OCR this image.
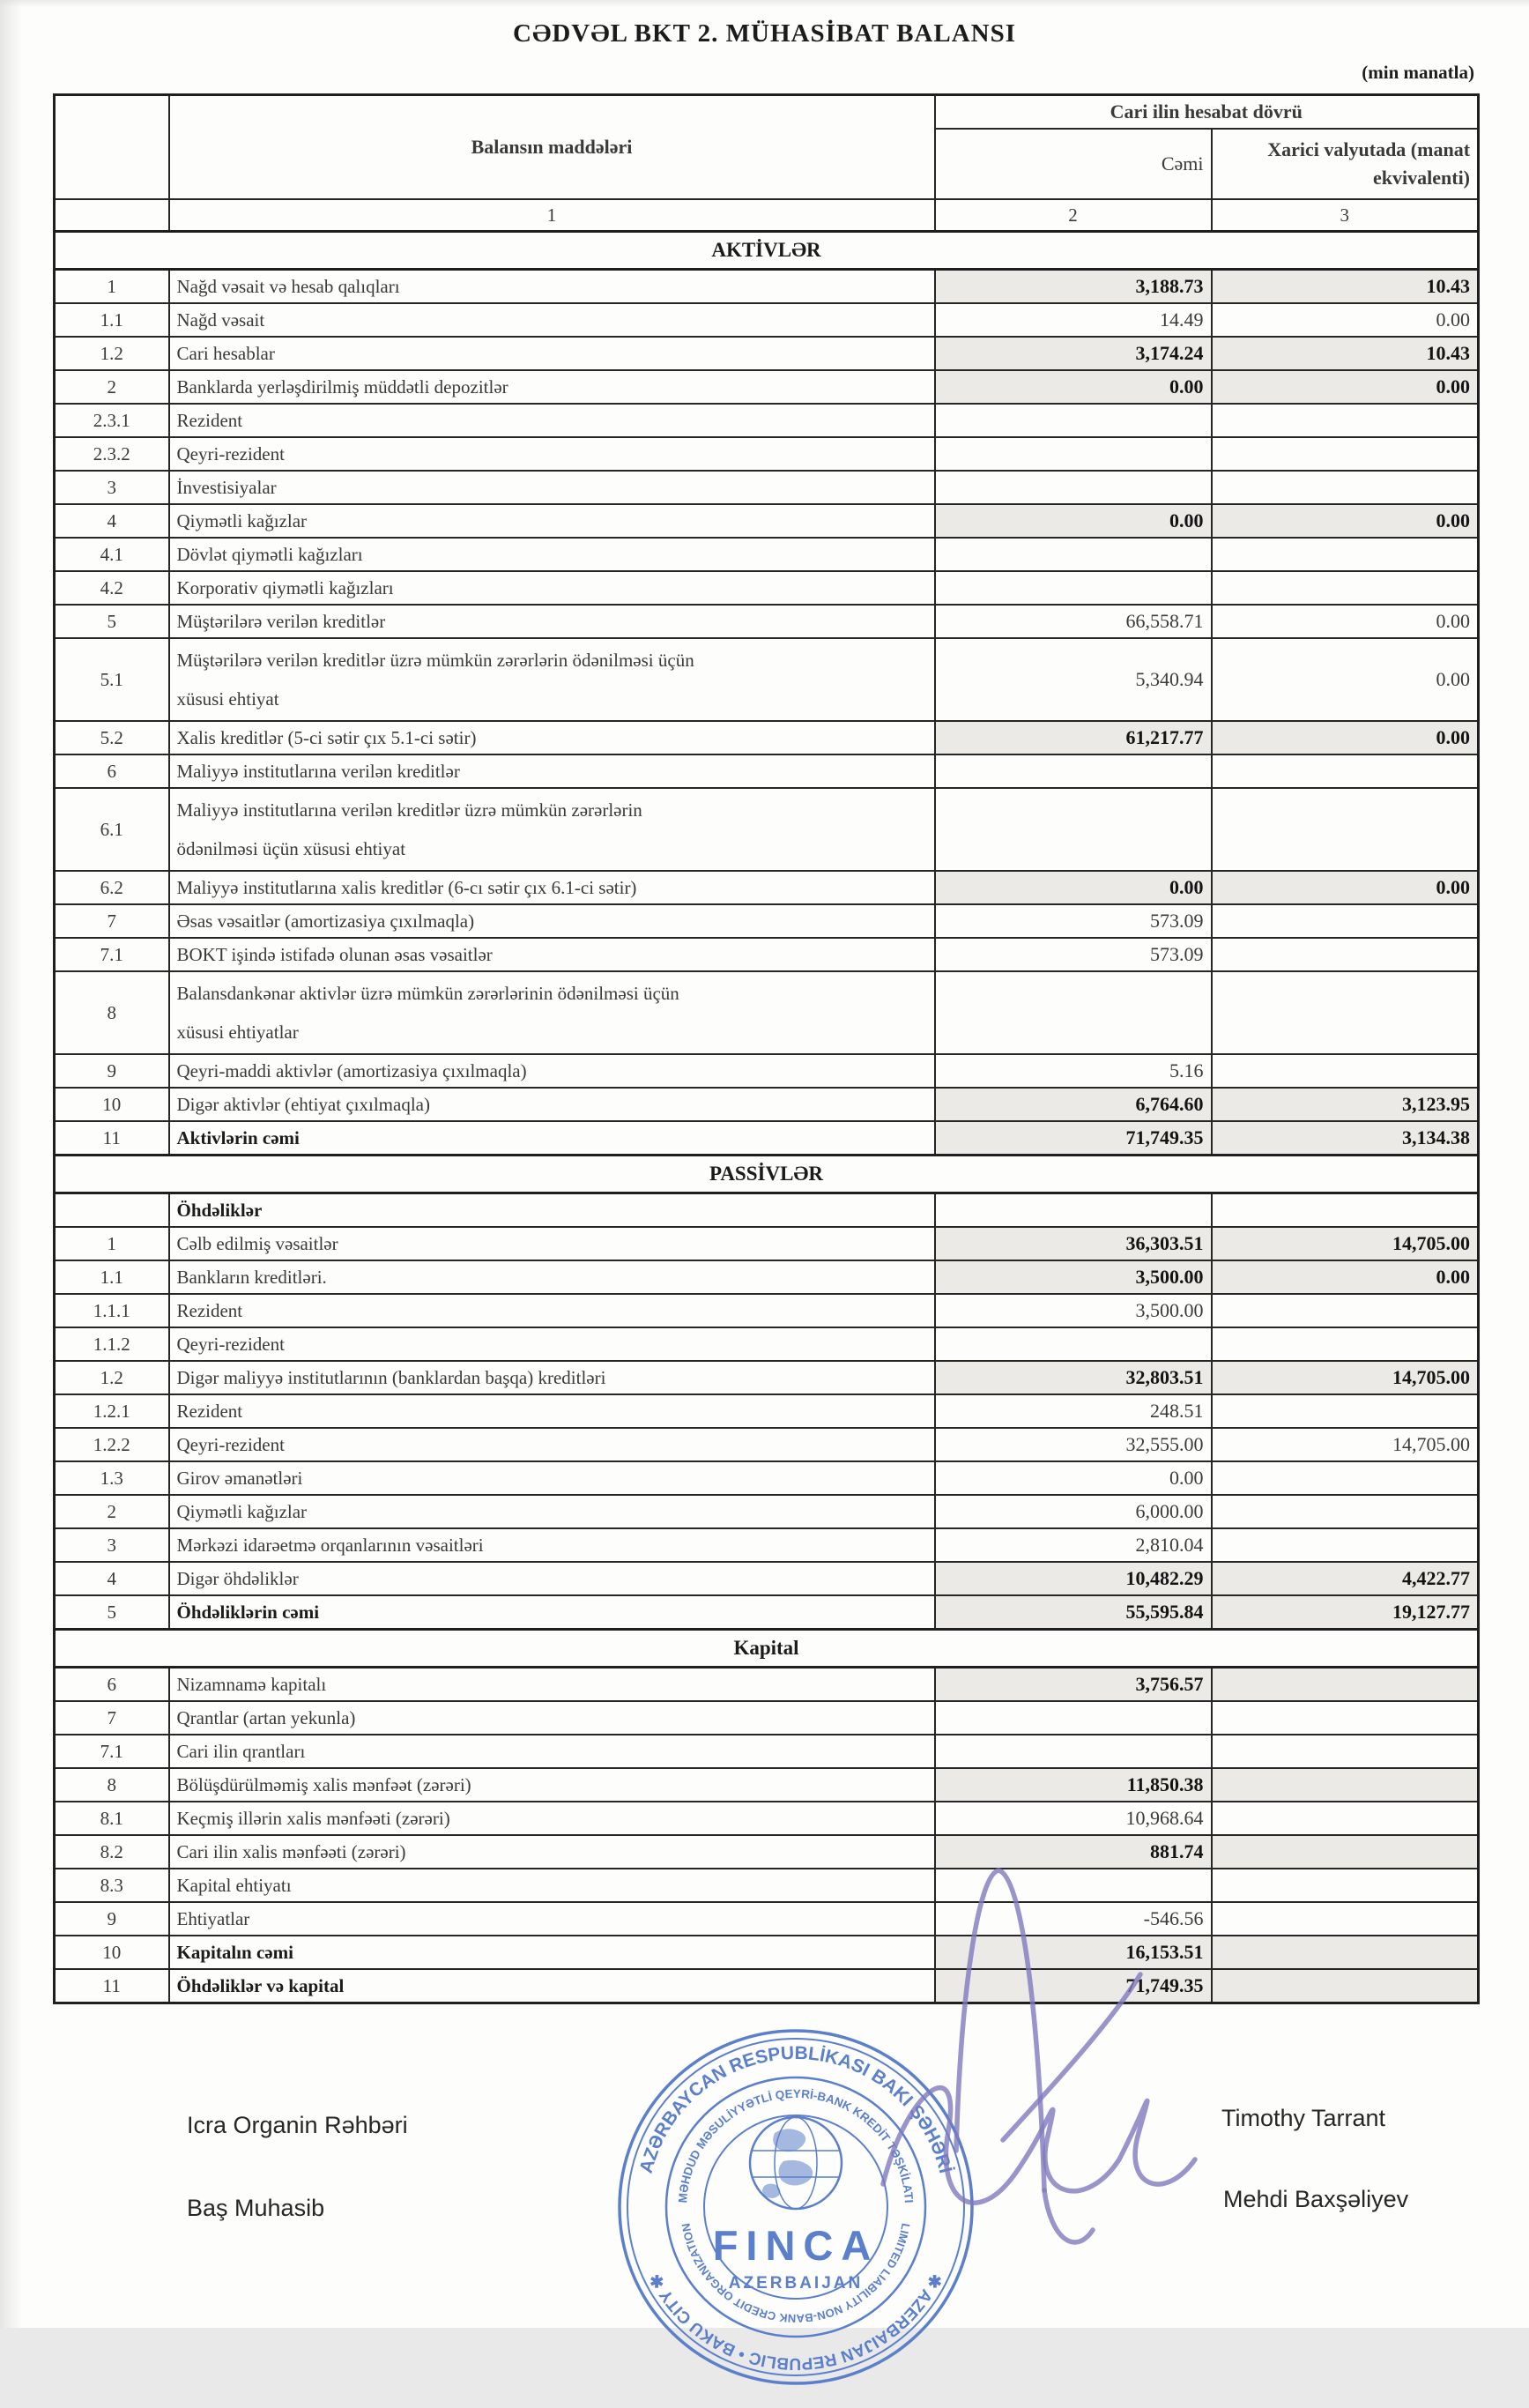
CƏDVƏL BKT 2. MÜHASİBAT BALANSI
(min manatla)
	Balansın maddələri	Cari ilin hesabat dövrü	
		Cəmi	Xarici valyutada (manat ekvivalenti)
	1	2	3
AKTİVLƏR			
1	Nağd vəsait və hesab qalıqları	3,188.73	10.43
1.1	Nağd vəsait	14.49	0.00
1.2	Cari hesablar	3,174.24	10.43
2	Banklarda yerləşdirilmiş müddətli depozitlər	0.00	0.00
2.3.1	Rezident		
2.3.2	Qeyri-rezident		
3	İnvestisiyalar		
4	Qiymətli kağızlar	0.00	0.00
4.1	Dövlət qiymətli kağızları		
4.2	Korporativ qiymətli kağızları		
5	Müştərilərə verilən kreditlər	66,558.71	0.00
5.1	Müştərilərə verilən kreditlər üzrə mümkün zərərlərin ödənilməsi üçün xüsusi ehtiyat	5,340.94	0.00
5.2	Xalis kreditlər (5-ci sətir çıx 5.1-ci sətir)	61,217.77	0.00
6	Maliyyə institutlarına verilən kreditlər		
6.1	Maliyyə institutlarına verilən kreditlər üzrə mümkün zərərlərin ödənilməsi üçün xüsusi ehtiyat		
6.2	Maliyyə institutlarına xalis kreditlər (6-cı sətir çıx 6.1-ci sətir)	0.00	0.00
7	Əsas vəsaitlər (amortizasiya çıxılmaqla)	573.09	
7.1	BOKT işində istifadə olunan əsas vəsaitlər	573.09	
8	Balansdankənar aktivlər üzrə mümkün zərərlərinin ödənilməsi üçün xüsusi ehtiyatlar		
9	Qeyri-maddi aktivlər (amortizasiya çıxılmaqla)	5.16	
10	Digər aktivlər (ehtiyat çıxılmaqla)	6,764.60	3,123.95
11	Aktivlərin cəmi	71,749.35	3,134.38
PASSİVLƏR			
	Öhdəliklər		
1	Cəlb edilmiş vəsaitlər	36,303.51	14,705.00
1.1	Bankların kreditləri.	3,500.00	0.00
1.1.1	Rezident	3,500.00	
1.1.2	Qeyri-rezident		
1.2	Digər maliyyə institutlarının (banklardan başqa) kreditləri	32,803.51	14,705.00
1.2.1	Rezident	248.51	
1.2.2	Qeyri-rezident	32,555.00	14,705.00
1.3	Girov əmanətləri	0.00	
2	Qiymətli kağızlar	6,000.00	
3	Mərkəzi idarəetmə orqanlarının vəsaitləri	2,810.04	
4	Digər öhdəliklər	10,482.29	4,422.77
5	Öhdəliklərin cəmi	55,595.84	19,127.77
Kapital			
6	Nizamnamə kapitalı	3,756.57	
7	Qrantlar (artan yekunla)		
7.1	Cari ilin qrantları		
8	Bölüşdürülməmiş xalis mənfəət (zərəri)	11,850.38	
8.1	Keçmiş illərin xalis mənfəəti (zərəri)	10,968.64	
8.2	Cari ilin xalis mənfəəti (zərəri)	881.74	
8.3	Kapital ehtiyatı		
9	Ehtiyatlar	-546.56	
10	Kapitalın cəmi	16,153.51	
11	Öhdəliklər və kapital	71,749.35	
Icra Organin Rəhbəri	Timothy Tarrant
Baş Muhasib	Mehdi Baxşəliyev
AZƏRBAYCAN RESPUBLİKASI BAKI ŞƏHƏRİ
✱ AZERBAIJAN REPUBLIC • BAKU CITY ✱
MƏHDUD MƏSULİYYƏTLİ QEYRİ-BANK KREDİT TƏŞKİLATI
LIMITED LIABILITY NON-BANK CREDIT ORGANIZATION FINCA
AZERBAIJAN
